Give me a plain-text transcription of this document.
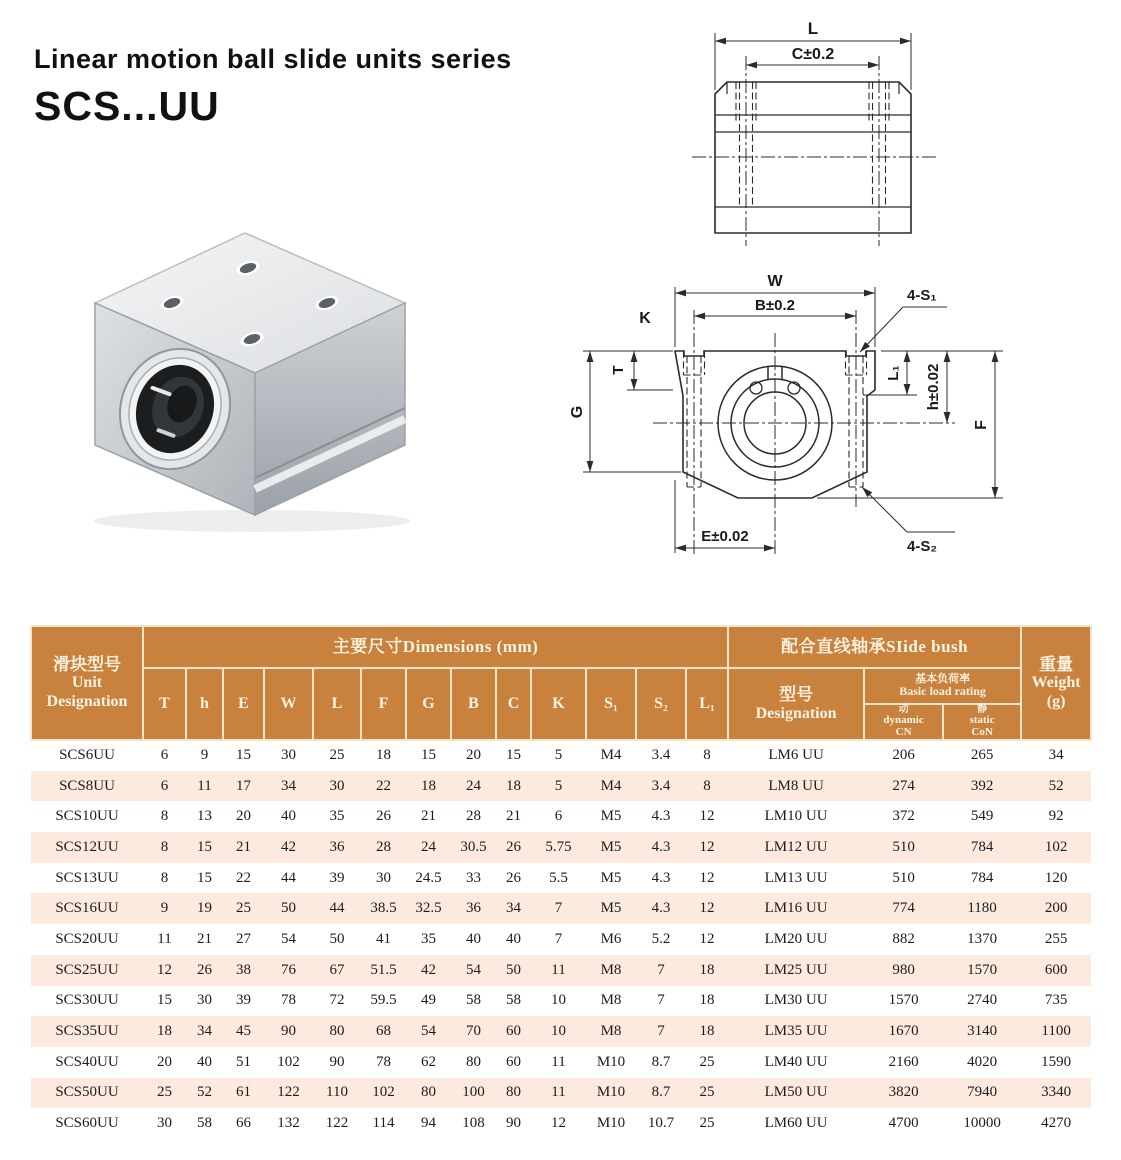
Linear motion ball slide units series
SCS...UU
L
C±0.2
W
B±0.2
K
4-S₁
T
G
L₁ h±0.02
F
E±0.02
4-S₂
滑块型号
Unit
Designation
	主要尺寸Dimensions (mm)	配合直线轴承SIide bush	
重量
Weight
(g)

T	h	E	W	L	F	G	B	C	K	S₁	S₂	L₁	型号
Designation

基本负荷率
Basic load rating

动
dynamic
CN

静
static
CoN

SCS6UU	6	9	15	30	25	18	15	20	15	5	M4	3.4	8	LM6 UU	206	265	34
SCS8UU	6	11	17	34	30	22	18	24	18	5	M4	3.4	8	LM8 UU	274	392	52
SCS10UU	8	13	20	40	35	26	21	28	21	6	M5	4.3	12	LM10 UU	372	549	92
SCS12UU	8	15	21	42	36	28	24	30.5	26	5.75	M5	4.3	12	LM12 UU	510	784	102
SCS13UU	8	15	22	44	39	30	24.5	33	26	5.5	M5	4.3	12	LM13 UU	510	784	120
SCS16UU	9	19	25	50	44	38.5	32.5	36	34	7	M5	4.3	12	LM16 UU	774	1180	200
SCS20UU	11	21	27	54	50	41	35	40	40	7	M6	5.2	12	LM20 UU	882	1370	255
SCS25UU	12	26	38	76	67	51.5	42	54	50	11	M8	7	18	LM25 UU	980	1570	600
SCS30UU	15	30	39	78	72	59.5	49	58	58	10	M8	7	18	LM30 UU	1570	2740	735
SCS35UU	18	34	45	90	80	68	54	70	60	10	M8	7	18	LM35 UU	1670	3140	1100
SCS40UU	20	40	51	102	90	78	62	80	60	11	M10	8.7	25	LM40 UU	2160	4020	1590
SCS50UU	25	52	61	122	110	102	80	100	80	11	M10	8.7	25	LM50 UU	3820	7940	3340
SCS60UU	30	58	66	132	122	114	94	108	90	12	M10	10.7	25	LM60 UU	4700	10000	4270
